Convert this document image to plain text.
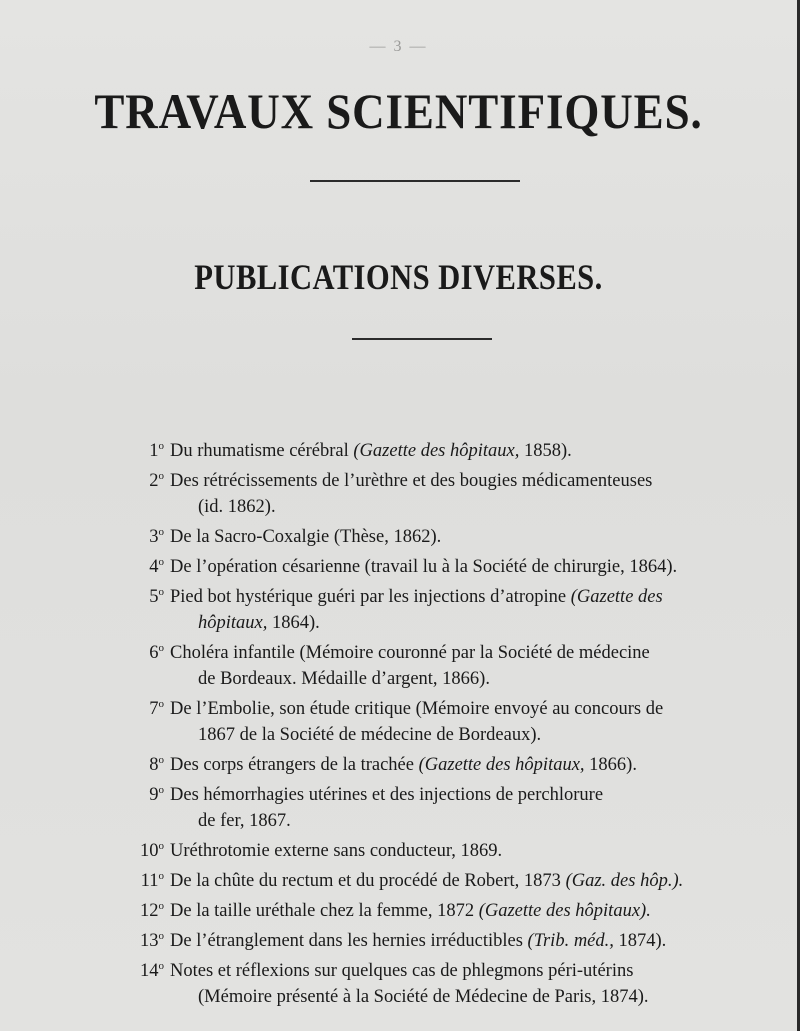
— 3 —
TRAVAUX SCIENTIFIQUES.
PUBLICATIONS DIVERSES.
1$^o$ Du rhumatisme cérébral (Gazette des hôpitaux, 1858).
2$^o$ Des rétrécissements de l’urèthre et des bougies médicamenteuses
(id. 1862).
3$^o$ De la Sacro-Coxalgie (Thèse, 1862).
4$^o$ De l’opération césarienne (travail lu à la Société de chirurgie, 1864).
5$^o$ Pied bot hystérique guéri par les injections d’atropine (Gazette des
hôpitaux, 1864).
6$^o$ Choléra infantile (Mémoire couronné par la Société de médecine
de Bordeaux. Médaille d’argent, 1866).
7$^o$ De l’Embolie, son étude critique (Mémoire envoyé au concours de
1867 de la Société de médecine de Bordeaux).
8$^o$ Des corps étrangers de la trachée (Gazette des hôpitaux, 1866).
9$^o$ Des hémorrhagies utérines et des injections de perchlorure
de fer, 1867.
10$^o$ Uréthrotomie externe sans conducteur, 1869.
11$^o$ De la chûte du rectum et du procédé de Robert, 1873 (Gaz. des hôp.).
12$^o$ De la taille uréthale chez la femme, 1872 (Gazette des hôpitaux).
13$^o$ De l’étranglement dans les hernies irréductibles (Trib. méd., 1874).
14$^o$ Notes et réflexions sur quelques cas de phlegmons péri-utérins
(Mémoire présenté à la Société de Médecine de Paris, 1874).
